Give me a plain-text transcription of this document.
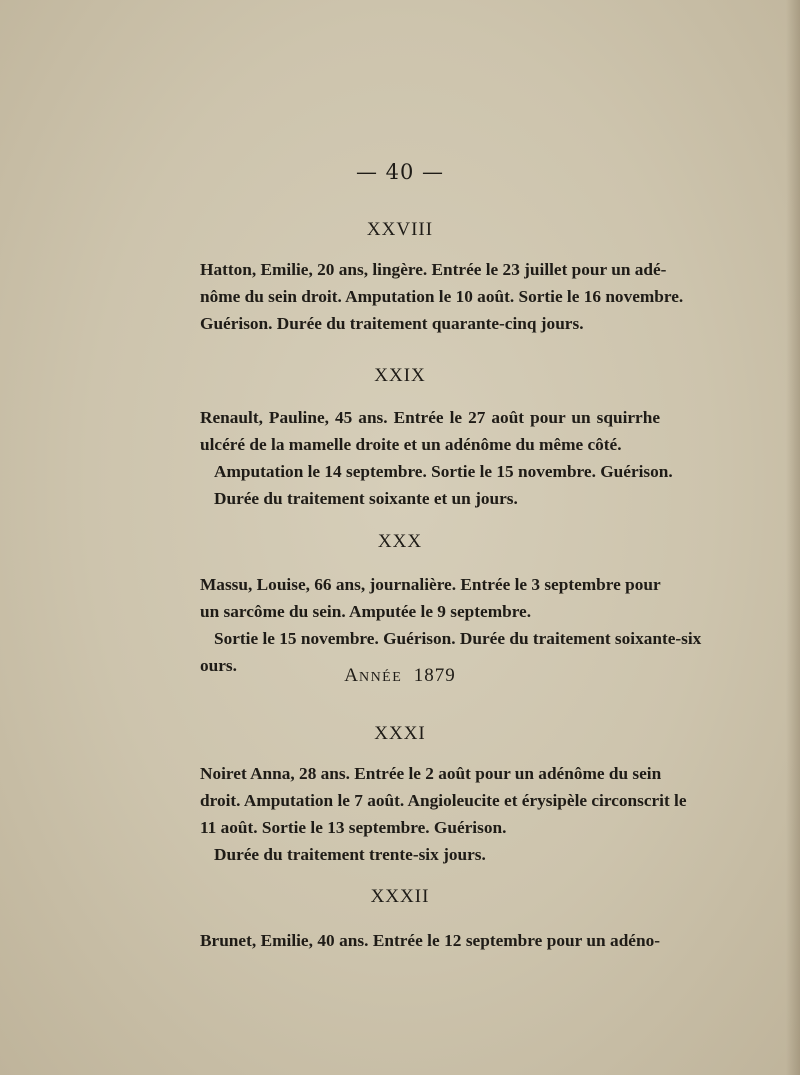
— 40 —
XXVIII
Hatton, Emilie, 20 ans, lingère. Entrée le 23 juillet pour un adé-
nôme du sein droit. Amputation le 10 août. Sortie le 16 novembre.
Guérison. Durée du traitement quarante-cinq jours.
XXIX
Renault, Pauline, 45 ans. Entrée le 27 août pour un squirrhe
ulcéré de la mamelle droite et un adénôme du même côté.
Amputation le 14 septembre. Sortie le 15 novembre. Guérison.
Durée du traitement soixante et un jours.
XXX
Massu, Louise, 66 ans, journalière. Entrée le 3 septembre pour
un sarcôme du sein. Amputée le 9 septembre.
Sortie le 15 novembre. Guérison. Durée du traitement soixante-six
ours.	ANNÉE 1879
XXXI
Noiret Anna, 28 ans. Entrée le 2 août pour un adénôme du sein
droit. Amputation le 7 août. Angioleucite et érysipèle circonscrit le
11 août. Sortie le 13 septembre. Guérison.
Durée du traitement trente-six jours.
XXXII
Brunet, Emilie, 40 ans. Entrée le 12 septembre pour un adéno-
